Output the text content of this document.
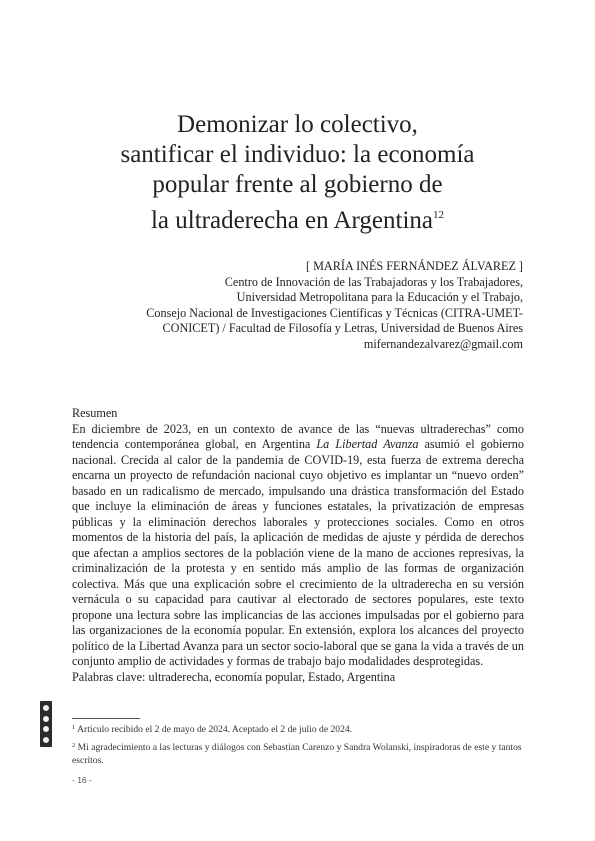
Demonizar lo colectivo,
santificar el individuo: la economía
popular frente al gobierno de
la ultraderecha en Argentina$^{12}$
[ MARÍA INÉS FERNÁNDEZ ÁLVAREZ ]
Centro de Innovación de las Trabajadoras y los Trabajadores,
Universidad Metropolitana para la Educación y el Trabajo,
Consejo Nacional de Investigaciones Científicas y Técnicas (CITRA-UMET-
CONICET) / Facultad de Filosofía y Letras, Universidad de Buenos Aires
mifernandezalvarez@gmail.com
Resumen

En diciembre de 2023, en un contexto de avance de las “nuevas ultraderechas” como tendencia contemporánea global, en Argentina La Libertad Avanza asumió el gobierno nacional. Crecida al calor de la pandemia de COVID-19, esta fuerza de extrema derecha encarna un proyecto de refundación nacional cuyo objetivo es implantar un “nuevo orden” basado en un radicalismo de mercado, impulsando una drástica transformación del Estado que incluye la eliminación de áreas y funciones estatales, la privatización de empresas públicas y la eliminación derechos laborales y protecciones sociales. Como en otros momentos de la historia del país, la aplicación de medidas de ajuste y pérdida de derechos que afectan a amplios sectores de la población viene de la mano de acciones represivas, la criminalización de la protesta y en sentido más amplio de las formas de organización colectiva. Más que una explicación sobre el crecimiento de la ultraderecha en su versión vernácula o su capacidad para cautivar al electorado de sectores populares, este texto propone una lectura sobre las implicancias de las acciones impulsadas por el gobierno para las organizaciones de la economía popular. En extensión, explora los alcances del proyecto político de la Libertad Avanza para un sector socio-laboral que se gana la vida a través de un conjunto amplio de actividades y formas de trabajo bajo modalidades desprotegidas.

Palabras clave: ultraderecha, economía popular, Estado, Argentina

$^1$ Artículo recibido el 2 de mayo de 2024. Aceptado el 2 de julio de 2024.

$^2$ Mi agradecimiento a las lecturas y diálogos con Sebastian Carenzo y Sandra Wolanski, inspiradoras de este y tantos escritos.

- 16 -
